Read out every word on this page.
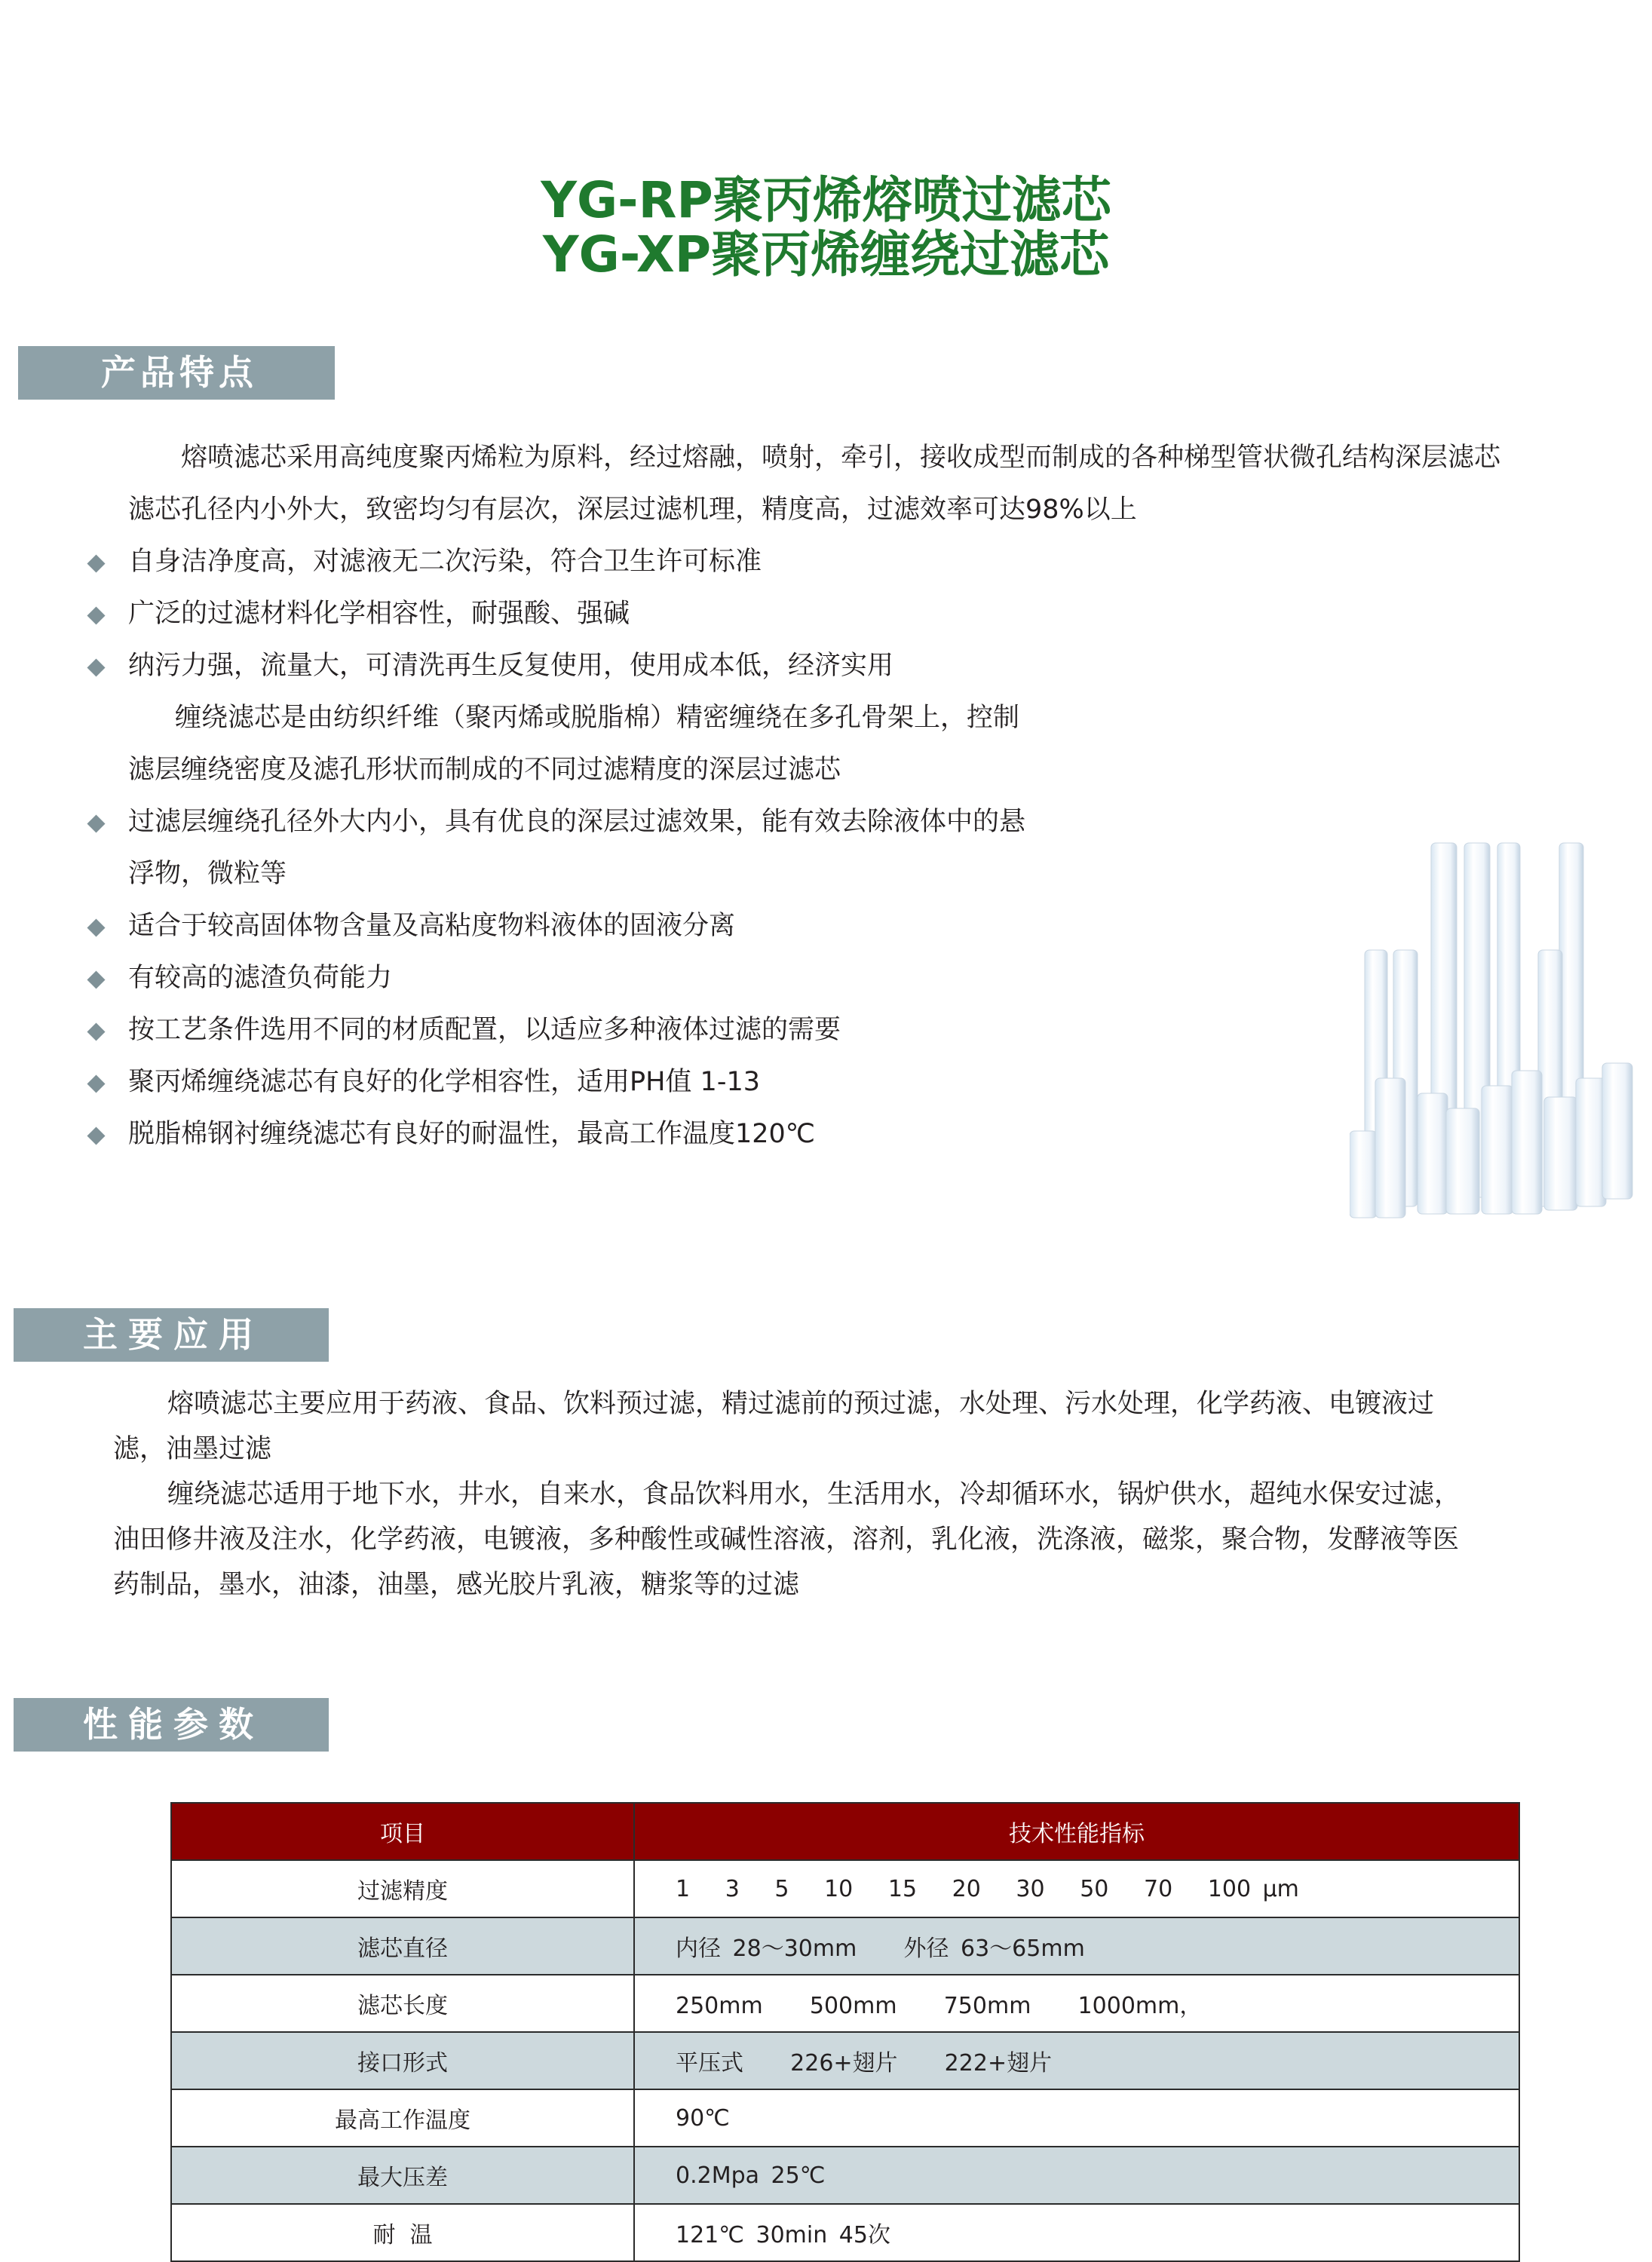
YG-RP聚丙烯熔喷过滤芯
YG-XP聚丙烯缠绕过滤芯
产品特点
熔喷滤芯采用高纯度聚丙烯粒为原料，经过熔融，喷射，牵引，接收成型而制成的各种梯型管状微孔结构深层滤芯
滤芯孔径内小外大，致密均匀有层次，深层过滤机理，精度高，过滤效率可达98%以上
自身洁净度高，对滤液无二次污染，符合卫生许可标准
广泛的过滤材料化学相容性，耐强酸、强碱
纳污力强，流量大，可清洗再生反复使用，使用成本低，经济实用
缠绕滤芯是由纺织纤维（聚丙烯或脱脂棉）精密缠绕在多孔骨架上，控制
滤层缠绕密度及滤孔形状而制成的不同过滤精度的深层过滤芯
过滤层缠绕孔径外大内小，具有优良的深层过滤效果，能有效去除液体中的悬
浮物，微粒等
适合于较高固体物含量及高粘度物料液体的固液分离
有较高的滤渣负荷能力
按工艺条件选用不同的材质配置，以适应多种液体过滤的需要
聚丙烯缠绕滤芯有良好的化学相容性，适用PH值 1-13
脱脂棉钢衬缠绕滤芯有良好的耐温性，最高工作温度120℃
主要应用
熔喷滤芯主要应用于药液、食品、饮料预过滤，精过滤前的预过滤，水处理、污水处理，化学药液、电镀液过
滤，油墨过滤
缠绕滤芯适用于地下水，井水，自来水，食品饮料用水，生活用水，冷却循环水，锅炉供水，超纯水保安过滤，
油田修井液及注水，化学药液，电镀液，多种酸性或碱性溶液，溶剂，乳化液，洗涤液，磁浆，聚合物，发酵液等医
药制品，墨水，油漆，油墨，感光胶片乳液，糖浆等的过滤
性能参数
项目	技术性能指标
过滤精度	1   3   5   10   15   20   30   50   70   100 μm
滤芯直径	内径 28～30mm    外径 63～65mm
滤芯长度	250mm    500mm    750mm    1000mm，
接口形式	平压式    226+翅片    222+翅片
最高工作温度	90℃
最大压差	0.2Mpa 25℃
耐  温	121℃ 30min 45次
